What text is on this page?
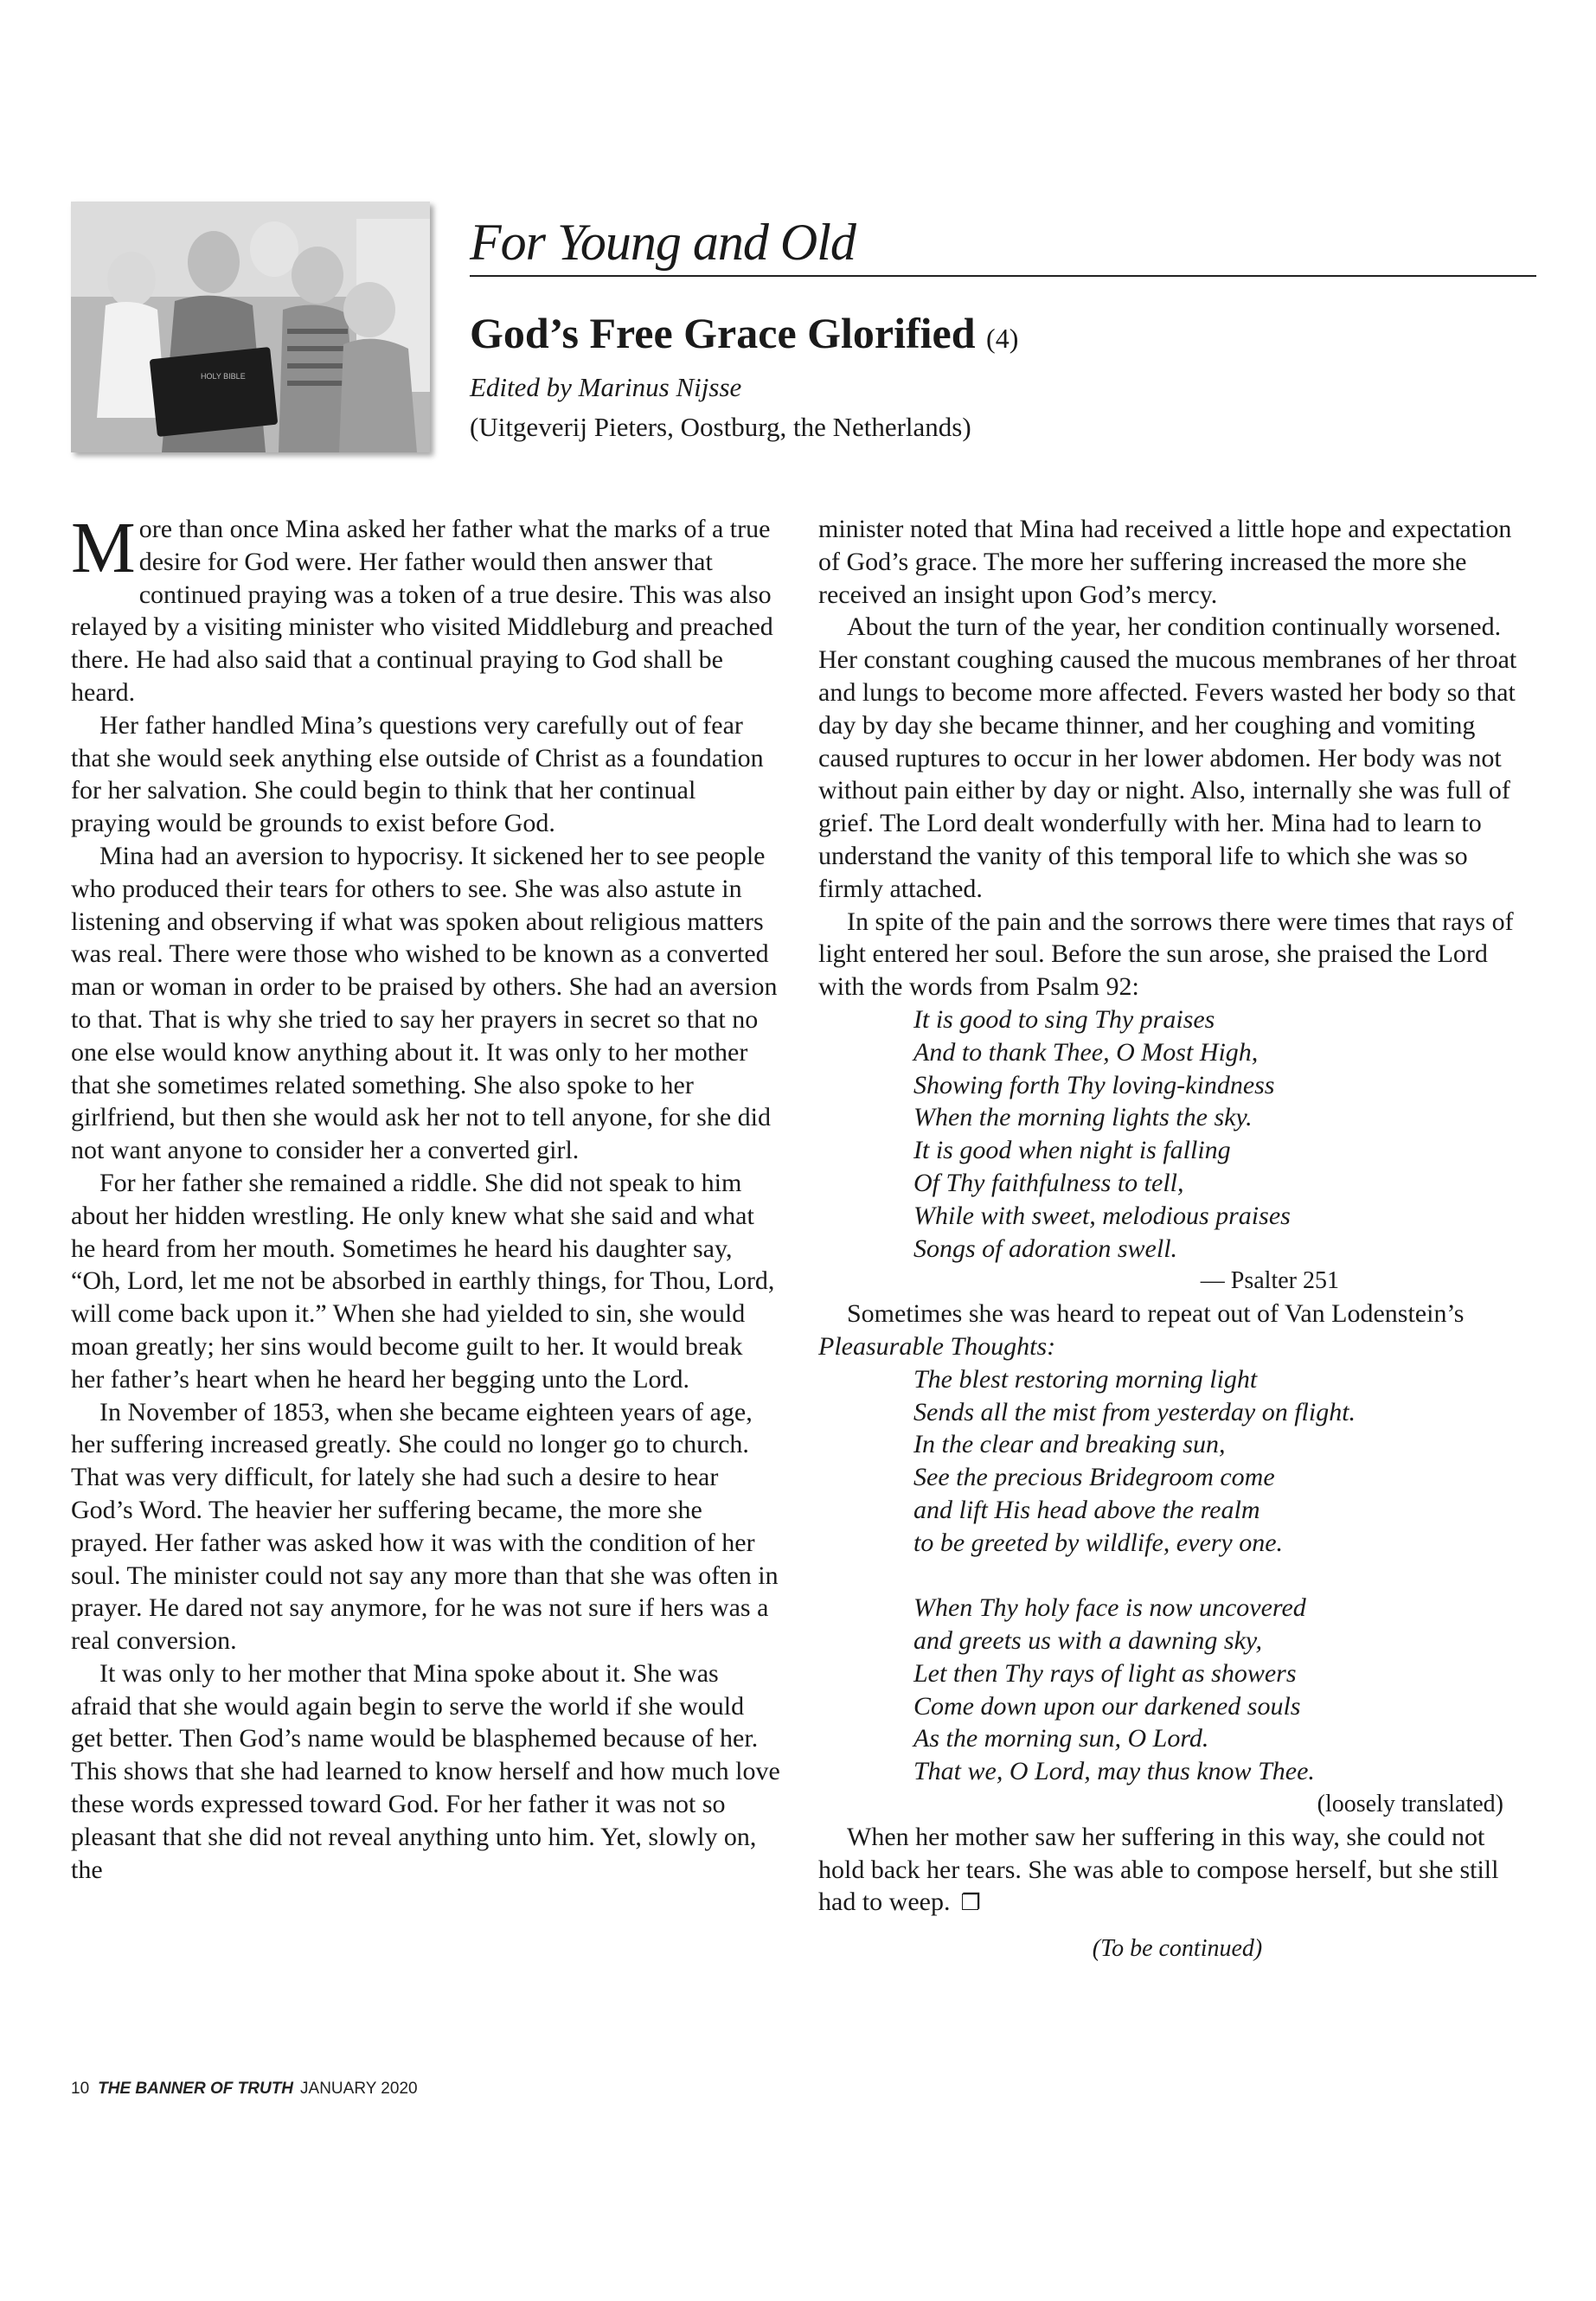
HOLY BIBLE
For Young and Old
God’s Free Grace Glorified (4)
Edited by Marinus Nijsse
(Uitgeverij Pieters, Oostburg, the Netherlands)

More than once Mina asked her father what the marks of a true desire for God were. Her father would then answer that continued praying was a token of a true desire. This was also relayed by a visiting minister who visited Middleburg and preached there. He had also said that a continual praying to God shall be heard.

Her father handled Mina’s questions very carefully out of fear that she would seek anything else outside of Christ as a foundation for her salvation. She could begin to think that her continual praying would be grounds to exist before God.

Mina had an aversion to hypocrisy. It sickened her to see people who produced their tears for others to see. She was also astute in listening and observing if what was spoken about religious matters was real. There were those who wished to be known as a converted man or woman in order to be praised by others. She had an aversion to that. That is why she tried to say her prayers in secret so that no one else would know anything about it. It was only to her mother that she sometimes related something. She also spoke to her girlfriend, but then she would ask her not to tell anyone, for she did not want anyone to consider her a converted girl.

For her father she remained a riddle. She did not speak to him about her hidden wrestling. He only knew what she said and what he heard from her mouth. Sometimes he heard his daughter say, “Oh, Lord, let me not be absorbed in earthly things, for Thou, Lord, will come back upon it.” When she had yielded to sin, she would moan greatly; her sins would become guilt to her. It would break her father’s heart when he heard her begging unto the Lord.

In November of 1853, when she became eighteen years of age, her suffering increased greatly. She could no longer go to church. That was very difficult, for lately she had such a desire to hear God’s Word. The heavier her suffering became, the more she prayed. Her father was asked how it was with the condition of her soul. The minister could not say any more than that she was often in prayer. He dared not say anymore, for he was not sure if hers was a real conversion.

It was only to her mother that Mina spoke about it. She was afraid that she would again begin to serve the world if she would get better. Then God’s name would be blasphemed because of her. This shows that she had learned to know herself and how much love these words expressed toward God. For her father it was not so pleasant that she did not reveal anything unto him. Yet, slowly on, the

minister noted that Mina had received a little hope and expectation of God’s grace. The more her suffering increased the more she received an insight upon God’s mercy.

About the turn of the year, her condition continually worsened. Her constant coughing caused the mucous membranes of her throat and lungs to become more affected. Fevers wasted her body so that day by day she became thinner, and her coughing and vomiting caused ruptures to occur in her lower abdomen. Her body was not without pain either by day or night. Also, internally she was full of grief. The Lord dealt wonderfully with her. Mina had to learn to understand the vanity of this temporal life to which she was so firmly attached.

In spite of the pain and the sorrows there were times that rays of light entered her soul. Before the sun arose, she praised the Lord with the words from Psalm 92:

It is good to sing Thy praises
And to thank Thee, O Most High,
Showing forth Thy loving-kindness
When the morning lights the sky.
It is good when night is falling
Of Thy faithfulness to tell,
While with sweet, melodious praises
Songs of adoration swell.

— Psalter 251

Sometimes she was heard to repeat out of Van Lodenstein’s Pleasurable Thoughts:

The blest restoring morning light
Sends all the mist from yesterday on flight.
In the clear and breaking sun,
See the precious Bridegroom come
and lift His head above the realm
to be greeted by wildlife, every one.
When Thy holy face is now uncovered
and greets us with a dawning sky,
Let then Thy rays of light as showers
Come down upon our darkened souls
As the morning sun, O Lord.
That we, O Lord, may thus know Thee.

(loosely translated)

When her mother saw her suffering in this way, she could not hold back her tears. She was able to compose herself, but she still had to weep. ❐

(To be continued)

10 THE BANNER OF TRUTH JANUARY 2020
